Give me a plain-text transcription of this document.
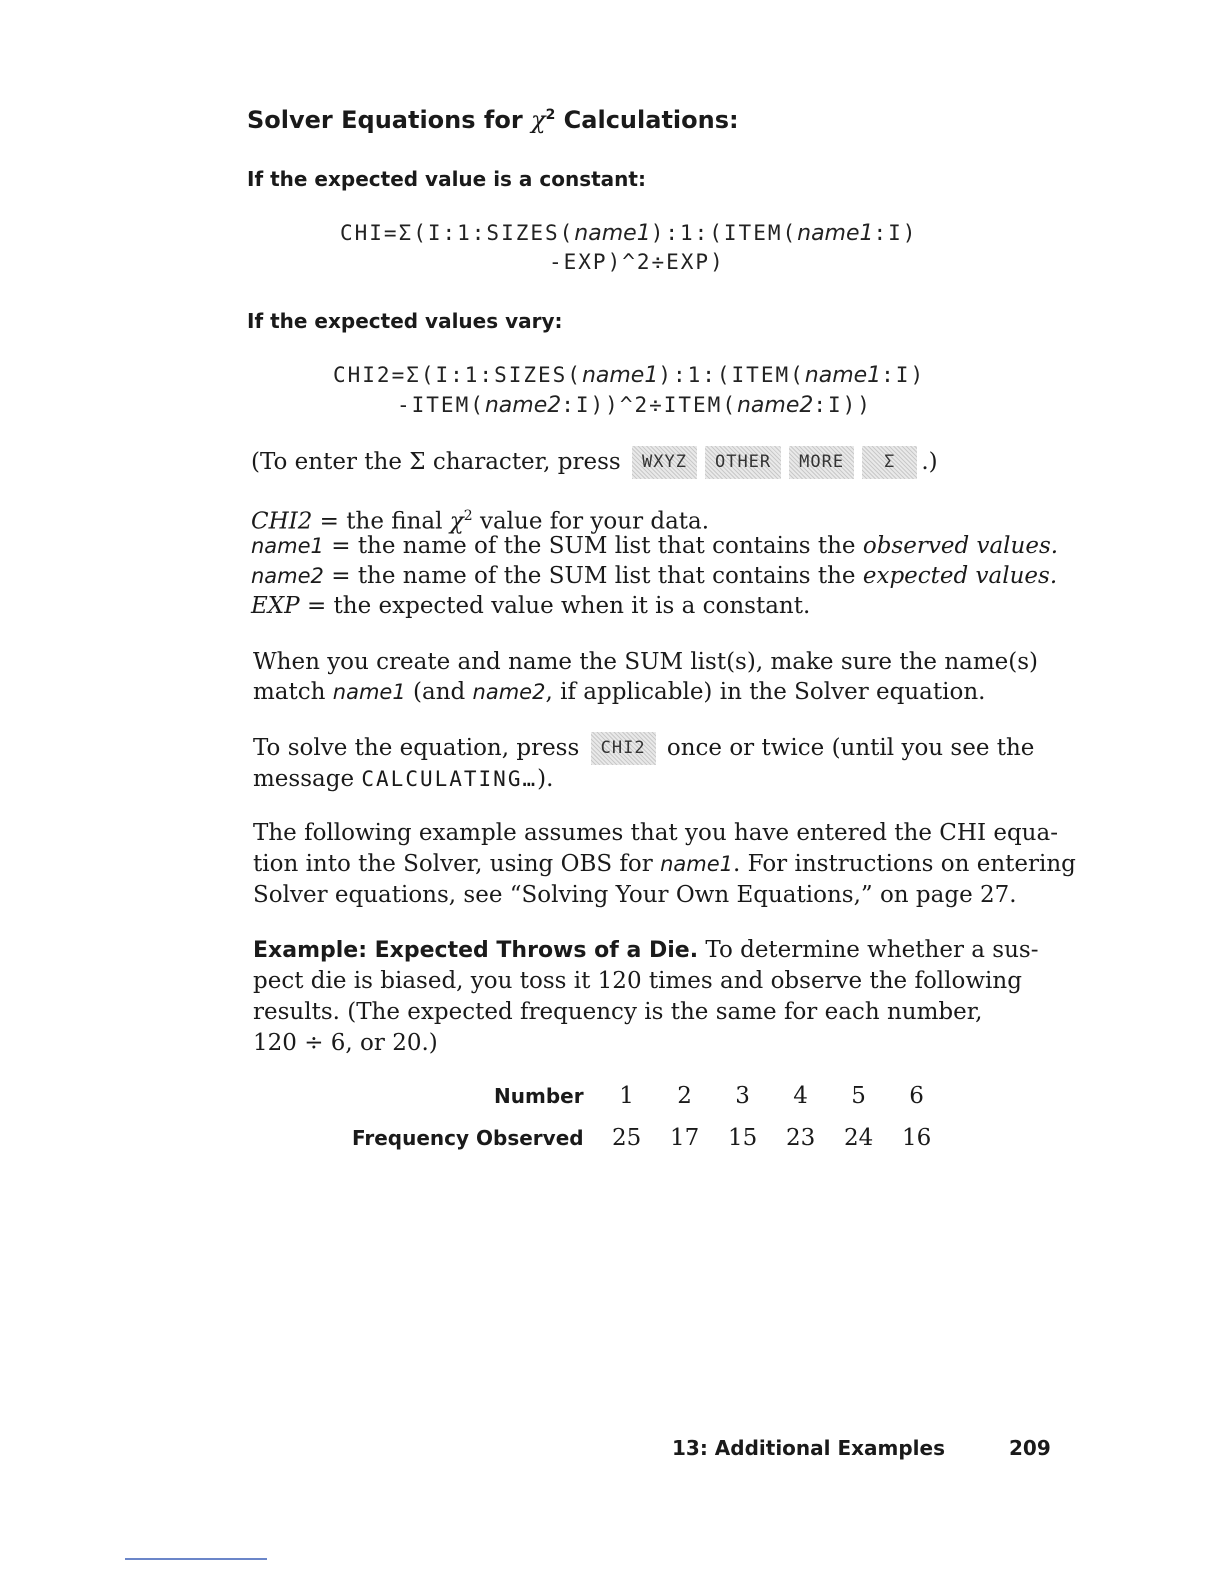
Solver Equations for $\chi^2$ Calculations:
If the expected value is a constant:
CHI=Σ(I:1:SIZES(name1):1:(ITEM(name1:I)
-EXP)^2÷EXP)
If the expected values vary:
CHI2=Σ(I:1:SIZES(name1):1:(ITEM(name1:I)
-ITEM(name2:I))^2÷ITEM(name2:I))
(To enter the Σ character, press WXYZ OTHER MORE Σ .)
CHI2 = the final $\chi^2$ value for your data.
name1 = the name of the SUM list that contains the observed values.
name2 = the name of the SUM list that contains the expected values.
EXP = the expected value when it is a constant.
When you create and name the SUM list(s), make sure the name(s)
match name1 (and name2, if applicable) in the Solver equation.
To solve the equation, press CHI2 once or twice (until you see the
message CALCULATING…).
The following example assumes that you have entered the CHI equa-
tion into the Solver, using OBS for name1. For instructions on entering
Solver equations, see “Solving Your Own Equations,” on page 27.
Example: Expected Throws of a Die. To determine whether a sus-
pect die is biased, you toss it 120 times and observe the following
results. (The expected frequency is the same for each number,
120 ÷ 6, or 20.)
Number	1	2	3	4	5	6
Frequency Observed	25	17	15	23	24	16
13: Additional Examples	209
